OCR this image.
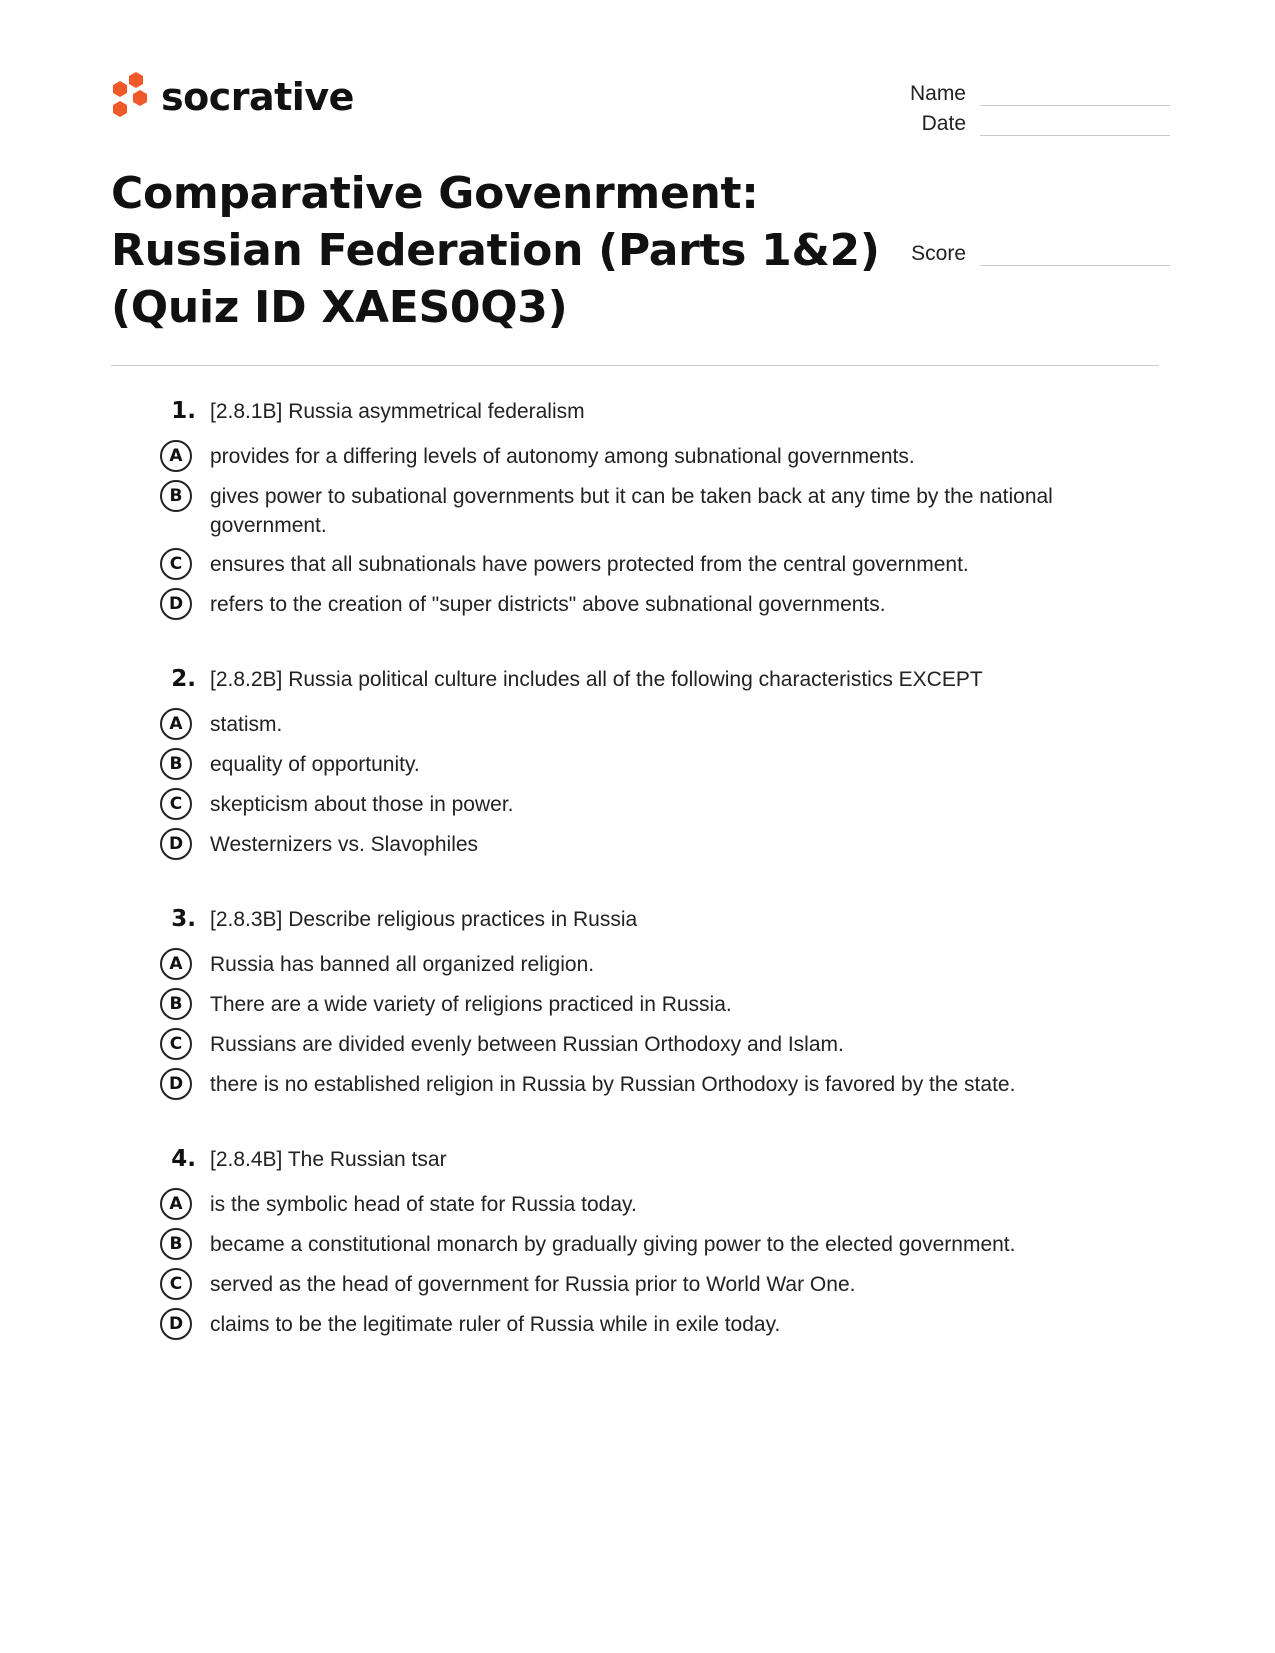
socrative	Name
Date
Comparative Govenrment:
Russian Federation (Parts 1&2)
(Quiz ID XAES0Q3)
Score
1. [2.8.1B] Russia asymmetrical federalism
A	provides for a differing levels of autonomy among subnational governments.
B	gives power to subational governments but it can be taken back at any time by the national government.
C	ensures that all subnationals have powers protected from the central government.
D	refers to the creation of "super districts" above subnational governments.
2. [2.8.2B] Russia political culture includes all of the following characteristics EXCEPT
A	statism.
B	equality of opportunity.
C	skepticism about those in power.
D	Westernizers vs. Slavophiles
3. [2.8.3B] Describe religious practices in Russia
A	Russia has banned all organized religion.
B	There are a wide variety of religions practiced in Russia.
C	Russians are divided evenly between Russian Orthodoxy and Islam.
D	there is no established religion in Russia by Russian Orthodoxy is favored by the state.
4. [2.8.4B] The Russian tsar
A	is the symbolic head of state for Russia today.
B	became a constitutional monarch by gradually giving power to the elected government.
C	served as the head of government for Russia prior to World War One.
D	claims to be the legitimate ruler of Russia while in exile today.
